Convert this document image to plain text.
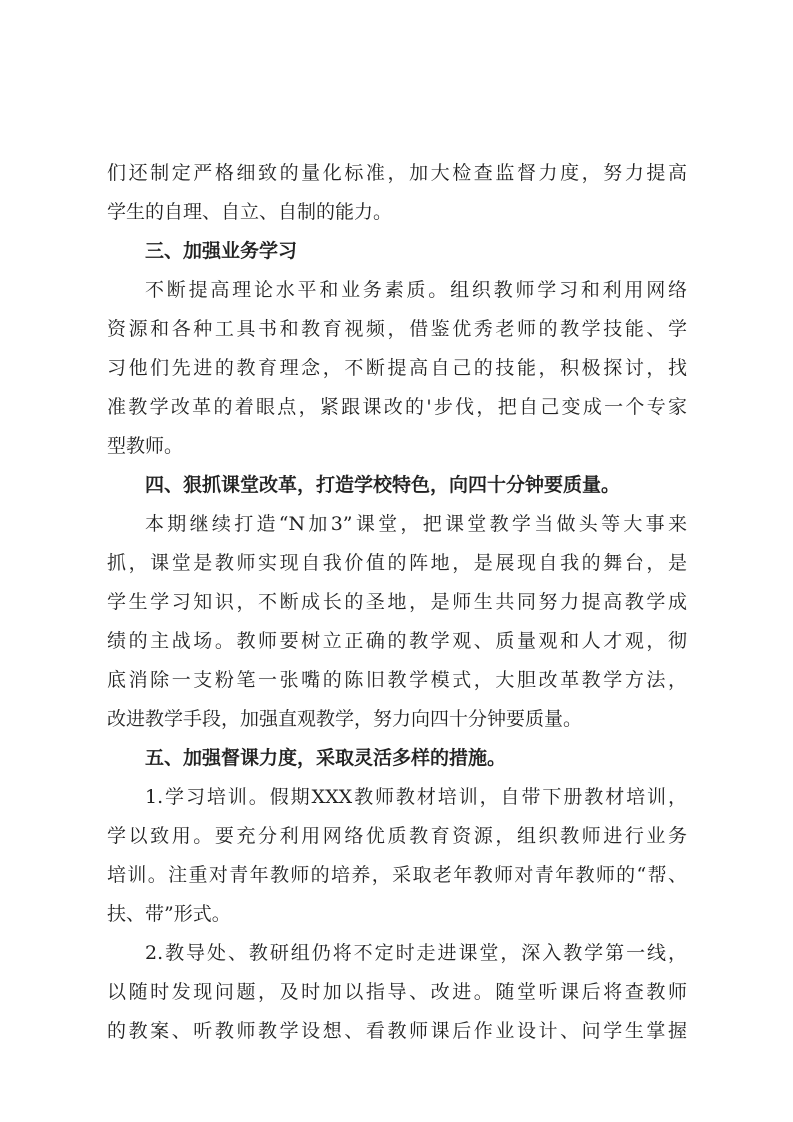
们还制定严格细致的量化标准，加大检查监督力度，努力提高
学生的自理、自立、自制的能力。
三、加强业务学习
不断提高理论水平和业务素质。组织教师学习和利用网络
资源和各种工具书和教育视频，借鉴优秀老师的教学技能、学
习他们先进的教育理念，不断提高自己的技能，积极探讨，找
准教学改革的着眼点，紧跟课改的'步伐，把自己变成一个专家
型教师。
四、狠抓课堂改革，打造学校特色，向四十分钟要质量。
本期继续打造“N加3”课堂，把课堂教学当做头等大事来
抓，课堂是教师实现自我价值的阵地，是展现自我的舞台，是
学生学习知识，不断成长的圣地，是师生共同努力提高教学成
绩的主战场。教师要树立正确的教学观、质量观和人才观，彻
底消除一支粉笔一张嘴的陈旧教学模式，大胆改革教学方法，
改进教学手段，加强直观教学，努力向四十分钟要质量。
五、加强督课力度，采取灵活多样的措施。
1.学习培训。假期XXX教师教材培训，自带下册教材培训，
学以致用。要充分利用网络优质教育资源，组织教师进行业务
培训。注重对青年教师的培养，采取老年教师对青年教师的“帮、
扶、带”形式。
2.教导处、教研组仍将不定时走进课堂，深入教学第一线，
以随时发现问题，及时加以指导、改进。随堂听课后将查教师
的教案、听教师教学设想、看教师课后作业设计、问学生掌握
